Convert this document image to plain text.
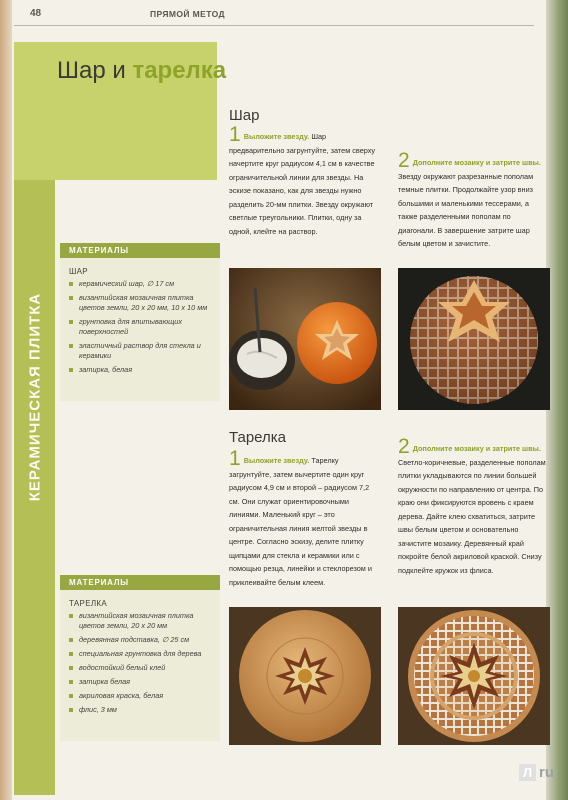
48	ПРЯМОЙ МЕТОД
КЕРАМИЧЕСКАЯ ПЛИТКА
Шар и тарелка
МАТЕРИАЛЫ
ШАР
керамический шар, ∅ 17 см
византийская мозаичная плитка цветов земли, 20 x 20 мм, 10 x 10 мм
грунтовка для впитывающих поверхностей
эластичный раствор для стекла и керамики
затирка, белая
МАТЕРИАЛЫ
ТАРЕЛКА
византийская мозаичная плитка цветов земли, 20 x 20 мм
деревянная подставка, ∅ 25 см
специальная грунтовка для дерева
водостойкий белый клей
затирка белая
акриловая краска, белая
флис, 3 мм
Шар
1 Выложите звезду. Шар предварительно загрунтуйте, затем сверху начертите круг радиусом 4,1 см в качестве ограничительной линии для звезды. На эскизе показано, как для звезды нужно разделить 20-мм плитки. Звезду окружают светлые треугольники. Плитки, одну за одной, клейте на раствор.
2 Дополните мозаику и затрите швы. Звезду окружают разрезанные пополам темные плитки. Продолжайте узор вниз большими и маленькими тессерами, а также разделенными пополам по диагонали. В завершение затрите шар белым цветом и зачистите.
Тарелка
1 Выложите звезду. Тарелку загрунтуйте, затем вычертите один круг радиусом 4,9 см и второй – радиусом 7,2 см. Они служат ориентировочными линиями. Маленький круг – это ограничительная линия желтой звезды в центре. Согласно эскизу, делите плитку щипцами для стекла и керамики или с помощью резца, линейки и стеклорезом и приклеивайте белым клеем.
2 Дополните мозаику и затрите швы. Светло-коричневые, разделенные пополам плитки укладываются по линии большей окружности по направлению от центра. По краю они фиксируются вровень с краем дерева. Дайте клею схватиться, затрите швы белым цветом и основательно зачистите мозаику. Деревянный край покройте белой акриловой краской. Снизу подклейте кружок из флиса.
Л ru
